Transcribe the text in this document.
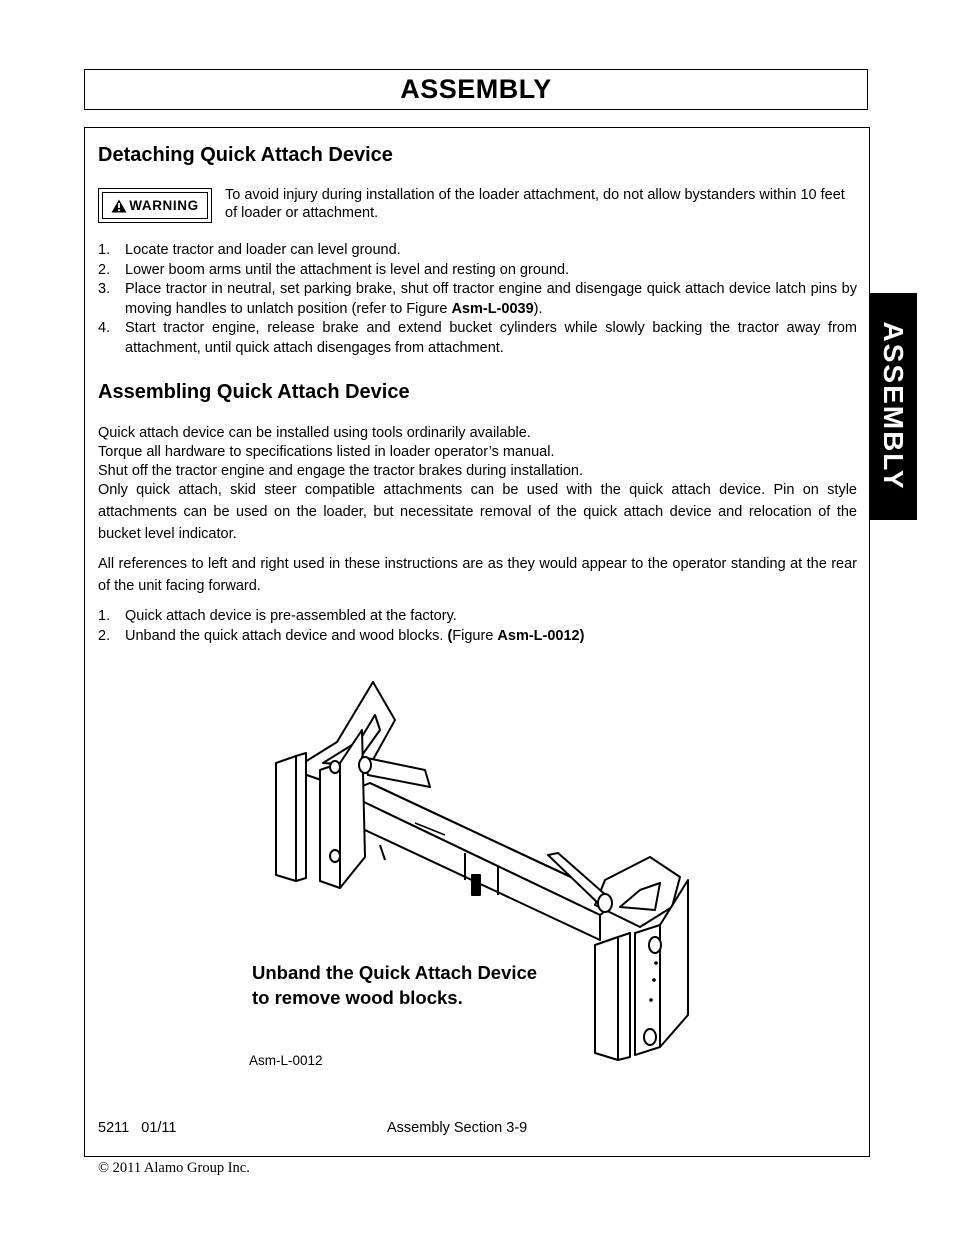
ASSEMBLY
ASSEMBLY
Detaching Quick Attach Device
WARNING
To avoid injury during installation of the loader attachment, do not allow bystanders within 10 feet of loader or attachment.
1. Locate tractor and loader can level ground.
2. Lower boom arms until the attachment is level and resting on ground.
3. Place tractor in neutral, set parking brake, shut off tractor engine and disengage quick attach device latch pins by moving handles to unlatch position (refer to Figure Asm-L-0039).
4. Start tractor engine, release brake and extend bucket cylinders while slowly backing the tractor away from attachment, until quick attach disengages from attachment.
Assembling Quick Attach Device
Quick attach device can be installed using tools ordinarily available.
Torque all hardware to specifications listed in loader operator’s manual.
Shut off the tractor engine and engage the tractor brakes during installation.
Only quick attach, skid steer compatible attachments can be used with the quick attach device. Pin on style attachments can be used on the loader, but necessitate removal of the quick attach device and relocation of the bucket level indicator.
All references to left and right used in these instructions are as they would appear to the operator standing at the rear of the unit facing forward.
1. Quick attach device is pre-assembled at the factory.
2. Unband the quick attach device and wood blocks. (Figure Asm-L-0012)
Unband the Quick Attach Device
to remove wood blocks.
Asm-L-0012
5211   01/11	Assembly Section 3-9
© 2011 Alamo Group Inc.
